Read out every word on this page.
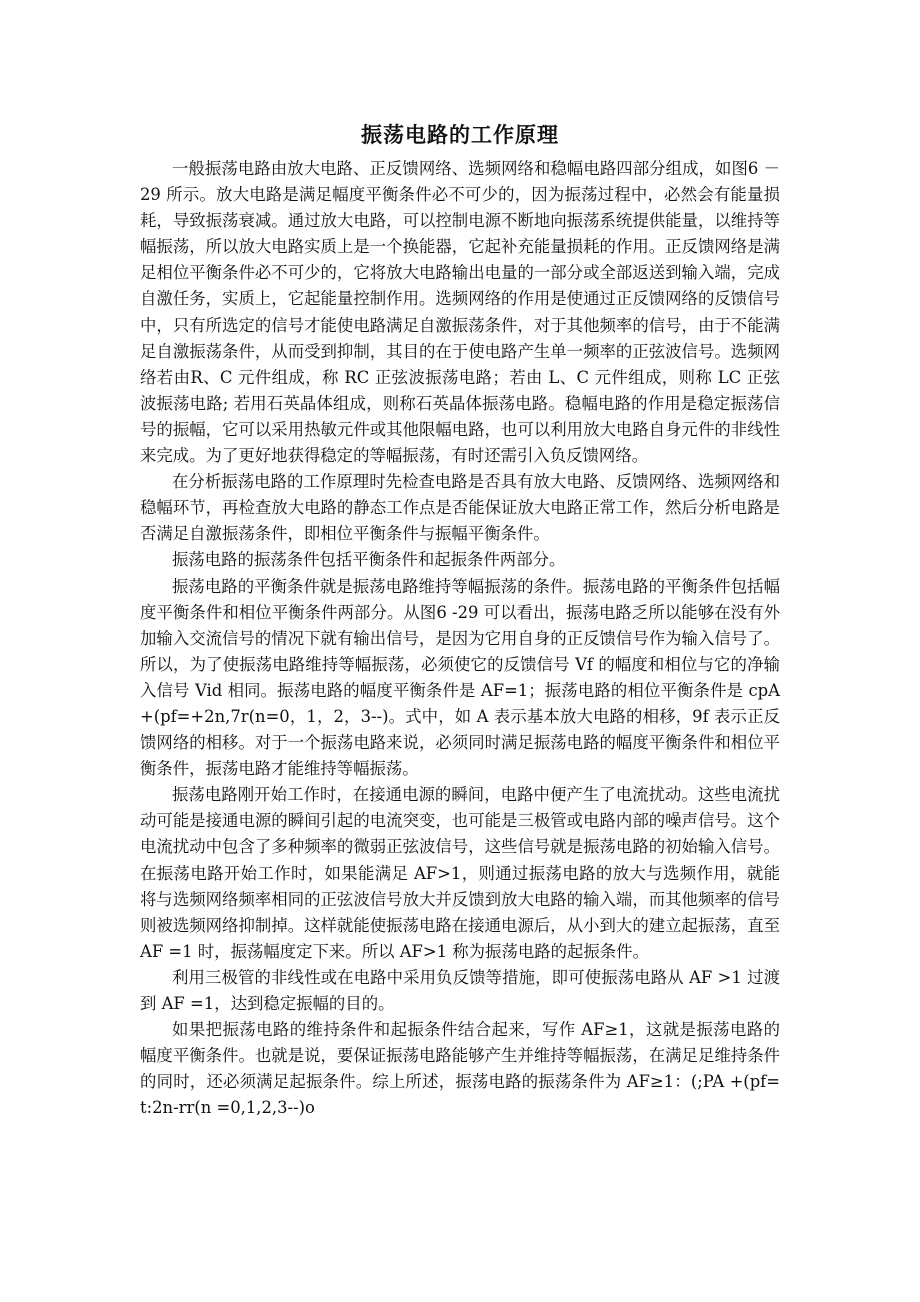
振荡电路的工作原理

一般振荡电路由放大电路、正反馈网络、选频网络和稳幅电路四部分组成，如图6 － 29 所示。放大电路是满足幅度平衡条件必不可少的，因为振荡过程中，必然会有能量损耗，导致振荡衰减。通过放大电路，可以控制电源不断地向振荡系统提供能量，以维持等幅振荡，所以放大电路实质上是一个换能器，它起补充能量损耗的作用。正反馈网络是满足相位平衡条件必不可少的，它将放大电路输出电量的一部分或全部返送到输入端，完成自激任务，实质上，它起能量控制作用。选频网络的作用是使通过正反馈网络的反馈信号中，只有所选定的信号才能使电路满足自激振荡条件，对于其他频率的信号，由于不能满足自激振荡条件，从而受到抑制，其目的在于使电路产生单一频率的正弦波信号。选频网络若由R、C 元件组成，称 RC 正弦波振荡电路；若由 L、C 元件组成，则称 LC 正弦波振荡电路; 若用石英晶体组成，则称石英晶体振荡电路。稳幅电路的作用是稳定振荡信号的振幅，它可以采用热敏元件或其他限幅电路，也可以利用放大电路自身元件的非线性来完成。为了更好地获得稳定的等幅振荡，有时还需引入负反馈网络。

在分析振荡电路的工作原理时先检查电路是否具有放大电路、反馈网络、选频网络和稳幅环节，再检查放大电路的静态工作点是否能保证放大电路正常工作，然后分析电路是否满足自激振荡条件，即相位平衡条件与振幅平衡条件。

振荡电路的振荡条件包括平衡条件和起振条件两部分。

振荡电路的平衡条件就是振荡电路维持等幅振荡的条件。振荡电路的平衡条件包括幅度平衡条件和相位平衡条件两部分。从图6 -29 可以看出，振荡电路乏所以能够在没有外加输入交流信号的情况下就有输出信号，是因为它用自身的正反馈信号作为输入信号了。所以，为了使振荡电路维持等幅振荡，必须使它的反馈信号 Vf 的幅度和相位与它的净输入信号 Vid 相同。振荡电路的幅度平衡条件是 AF=1；振荡电路的相位平衡条件是 cpA+(pf=+2n,7r(n=0，1，2，3--)。式中，如 A 表示基本放大电路的相移，9f 表示正反馈网络的相移。对于一个振荡电路来说，必须同时满足振荡电路的幅度平衡条件和相位平衡条件，振荡电路才能维持等幅振荡。

振荡电路刚开始工作时，在接通电源的瞬间，电路中便产生了电流扰动。这些电流扰动可能是接通电源的瞬间引起的电流突变，也可能是三极管或电路内部的噪声信号。这个电流扰动中包含了多种频率的微弱正弦波信号，这些信号就是振荡电路的初始输入信号。在振荡电路开始工作时，如果能满足 AF>1，则通过振荡电路的放大与选频作用，就能将与选频网络频率相同的正弦波信号放大并反馈到放大电路的输入端，而其他频率的信号则被选频网络抑制掉。这样就能使振荡电路在接通电源后，从小到大的建立起振荡，直至 AF =1 时，振荡幅度定下来。所以 AF>1 称为振荡电路的起振条件。

利用三极管的非线性或在电路中采用负反馈等措施，即可使振荡电路从 AF >1 过渡到 AF =1，达到稳定振幅的目的。

如果把振荡电路的维持条件和起振条件结合起来，写作 AF≥1，这就是振荡电路的幅度平衡条件。也就是说，要保证振荡电路能够产生并维持等幅振荡，在满足足维持条件的同时，还必须满足起振条件。综上所述，振荡电路的振荡条件为 AF≥1：(;PA +(pf=t:2n-rr(n =0,1,2,3--)o
